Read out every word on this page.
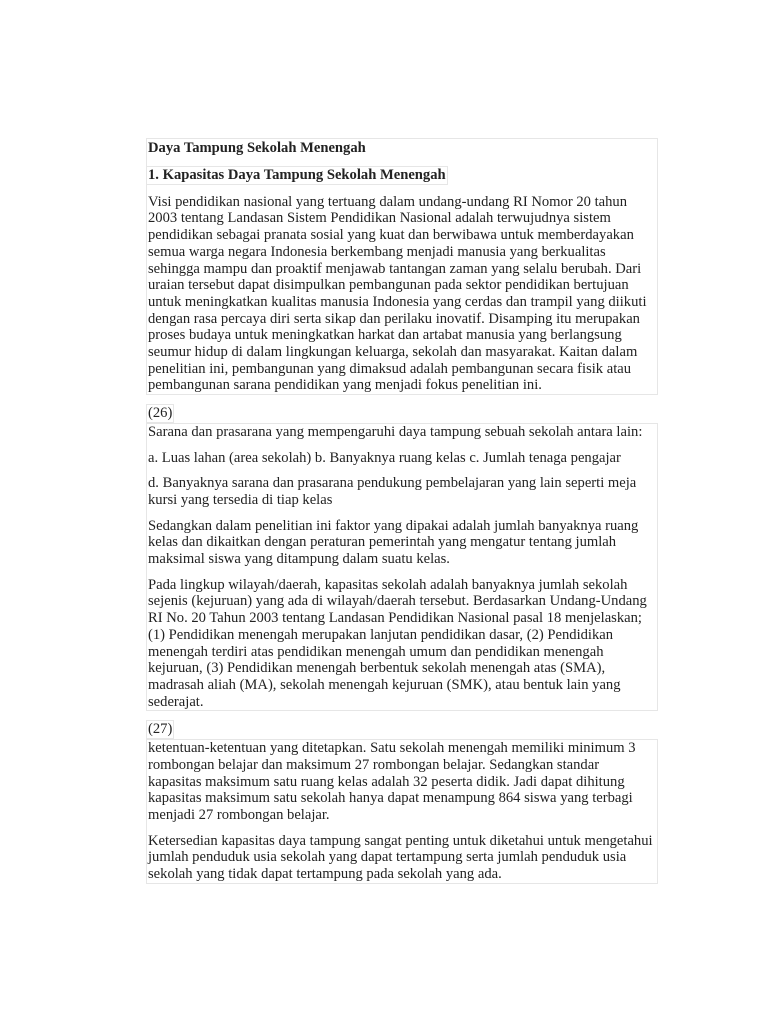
Daya Tampung Sekolah Menengah
1. Kapasitas Daya Tampung Sekolah Menengah

Visi pendidikan nasional yang tertuang dalam undang-undang RI Nomor 20 tahun 2003 tentang Landasan Sistem Pendidikan Nasional adalah terwujudnya sistem pendidikan sebagai pranata sosial yang kuat dan berwibawa untuk memberdayakan semua warga negara Indonesia berkembang menjadi manusia yang berkualitas sehingga mampu dan proaktif menjawab tantangan zaman yang selalu berubah. Dari uraian tersebut dapat disimpulkan pembangunan pada sektor pendidikan bertujuan untuk meningkatkan kualitas manusia Indonesia yang cerdas dan trampil yang diikuti dengan rasa percaya diri serta sikap dan perilaku inovatif. Disamping itu merupakan proses budaya untuk meningkatkan harkat dan artabat manusia yang berlangsung seumur hidup di dalam lingkungan keluarga, sekolah dan masyarakat. Kaitan dalam penelitian ini, pembangunan yang dimaksud adalah pembangunan secara fisik atau pembangunan sarana pendidikan yang menjadi fokus penelitian ini.

(26)

Sarana dan prasarana yang mempengaruhi daya tampung sebuah sekolah antara lain:

a. Luas lahan (area sekolah) b. Banyaknya ruang kelas c. Jumlah tenaga pengajar

d. Banyaknya sarana dan prasarana pendukung pembelajaran yang lain seperti meja kursi yang tersedia di tiap kelas

Sedangkan dalam penelitian ini faktor yang dipakai adalah jumlah banyaknya ruang kelas dan dikaitkan dengan peraturan pemerintah yang mengatur tentang jumlah maksimal siswa yang ditampung dalam suatu kelas.

Pada lingkup wilayah/daerah, kapasitas sekolah adalah banyaknya jumlah sekolah sejenis (kejuruan) yang ada di wilayah/daerah tersebut. Berdasarkan Undang-Undang RI No. 20 Tahun 2003 tentang Landasan Pendidikan Nasional pasal 18 menjelaskan; (1) Pendidikan menengah merupakan lanjutan pendidikan dasar, (2) Pendidikan menengah terdiri atas pendidikan menengah umum dan pendidikan menengah kejuruan, (3) Pendidikan menengah berbentuk sekolah menengah atas (SMA), madrasah aliah (MA), sekolah menengah kejuruan (SMK), atau bentuk lain yang sederajat.

(27)

ketentuan-ketentuan yang ditetapkan. Satu sekolah menengah memiliki minimum 3 rombongan belajar dan maksimum 27 rombongan belajar. Sedangkan standar kapasitas maksimum satu ruang kelas adalah 32 peserta didik. Jadi dapat dihitung kapasitas maksimum satu sekolah hanya dapat menampung 864 siswa yang terbagi menjadi 27 rombongan belajar.

Ketersedian kapasitas daya tampung sangat penting untuk diketahui untuk mengetahui jumlah penduduk usia sekolah yang dapat tertampung serta jumlah penduduk usia sekolah yang tidak dapat tertampung pada sekolah yang ada.
